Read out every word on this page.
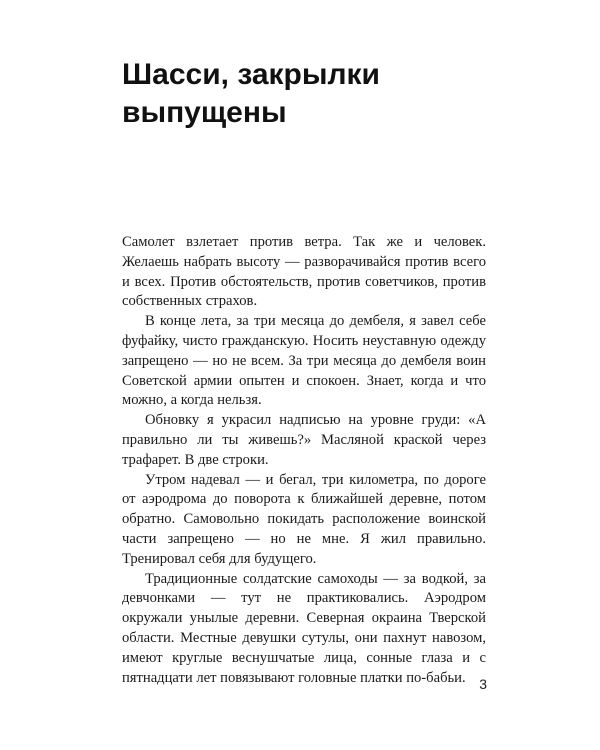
Шасси, закрылки
выпущены

Самолет взлетает против ветра. Так же и человек. Желаешь набрать высоту — разворачивайся против всего и всех. Против обстоятельств, против советчиков, против собственных страхов.

В конце лета, за три месяца до дембеля, я завел себе фуфайку, чисто гражданскую. Носить неуставную одежду запрещено — но не всем. За три месяца до дембеля воин Советской армии опытен и спокоен. Знает, когда и что можно, а когда нельзя.

Обновку я украсил надписью на уровне груди: «А правильно ли ты живешь?» Масляной краской через трафарет. В две строки.

Утром надевал — и бегал, три километра, по дороге от аэродрома до поворота к ближайшей деревне, потом обратно. Самовольно покидать расположение воинской части запрещено — но не мне. Я жил правильно. Тренировал себя для будущего.

Традиционные солдатские самоходы — за водкой, за девчонками — тут не практиковались. Аэродром окружали унылые деревни. Северная окраина Тверской области. Местные девушки сутулы, они пахнут навозом, имеют круглые веснушчатые лица, сонные глаза и с пятнадцати лет повязывают головные платки по-бабьи. 3
